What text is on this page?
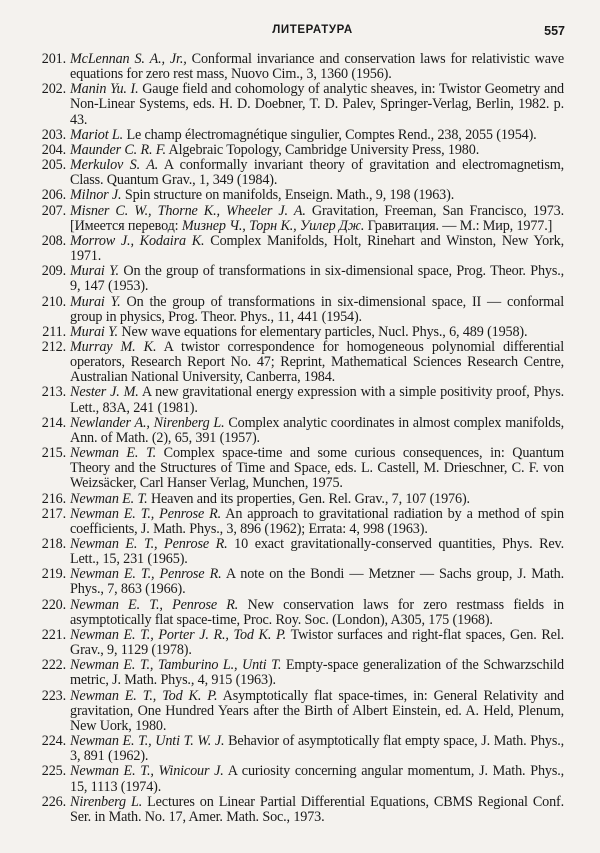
ЛИТЕРАТУРА	557
201. McLennan S. A., Jr., Conformal invariance and conservation laws for relativistic wave equations for zero rest mass, Nuovo Cim., 3, 1360 (1956).
202. Manin Yu. I. Gauge field and cohomology of analytic sheaves, in: Twistor Geometry and Non-Linear Systems, eds. H. D. Doebner, T. D. Palev, Springer-Verlag, Berlin, 1982. p. 43.
203. Mariot L. Le champ électromagnétique singulier, Comptes Rend., 238, 2055 (1954).
204. Maunder C. R. F. Algebraic Topology, Cambridge University Press, 1980.
205. Merkulov S. A. A conformally invariant theory of gravitation and electromagnetism, Class. Quantum Grav., 1, 349 (1984).
206. Milnor J. Spin structure on manifolds, Enseign. Math., 9, 198 (1963).
207. Misner C. W., Thorne K., Wheeler J. A. Gravitation, Freeman, San Francisco, 1973. [Имеется перевод: Мизнер Ч., Торн К., Уилер Дж. Гравитация. — М.: Мир, 1977.]
208. Morrow J., Kodaira K. Complex Manifolds, Holt, Rinehart and Winston, New York, 1971.
209. Murai Y. On the group of transformations in six-dimensional space, Prog. Theor. Phys., 9, 147 (1953).
210. Murai Y. On the group of transformations in six-dimensional space, II — conformal group in physics, Prog. Theor. Phys., 11, 441 (1954).
211. Murai Y. New wave equations for elementary particles, Nucl. Phys., 6, 489 (1958).
212. Murray M. K. A twistor correspondence for homogeneous polynomial differential operators, Research Report No. 47; Reprint, Mathematical Sciences Research Centre, Australian National University, Canberra, 1984.
213. Nester J. M. A new gravitational energy expression with a simple positivity proof, Phys. Lett., 83A, 241 (1981).
214. Newlander A., Nirenberg L. Complex analytic coordinates in almost complex manifolds, Ann. of Math. (2), 65, 391 (1957).
215. Newman E. T. Complex space-time and some curious consequences, in: Quantum Theory and the Structures of Time and Space, eds. L. Castell, M. Drieschner, C. F. von Weizsäcker, Carl Hanser Verlag, Munchen, 1975.
216. Newman E. T. Heaven and its properties, Gen. Rel. Grav., 7, 107 (1976).
217. Newman E. T., Penrose R. An approach to gravitational radiation by a method of spin coefficients, J. Math. Phys., 3, 896 (1962); Errata: 4, 998 (1963).
218. Newman E. T., Penrose R. 10 exact gravitationally-conserved quantities, Phys. Rev. Lett., 15, 231 (1965).
219. Newman E. T., Penrose R. A note on the Bondi — Metzner — Sachs group, J. Math. Phys., 7, 863 (1966).
220. Newman E. T., Penrose R. New conservation laws for zero restmass fields in asymptotically flat space-time, Proc. Roy. Soc. (London), A305, 175 (1968).
221. Newman E. T., Porter J. R., Tod K. P. Twistor surfaces and right-flat spaces, Gen. Rel. Grav., 9, 1129 (1978).
222. Newman E. T., Tamburino L., Unti T. Empty-space generalization of the Schwarzschild metric, J. Math. Phys., 4, 915 (1963).
223. Newman E. T., Tod K. P. Asymptotically flat space-times, in: General Relativity and gravitation, One Hundred Years after the Birth of Albert Einstein, ed. A. Held, Plenum, New Uork, 1980.
224. Newman E. T., Unti T. W. J. Behavior of asymptotically flat empty space, J. Math. Phys., 3, 891 (1962).
225. Newman E. T., Winicour J. A curiosity concerning angular momentum, J. Math. Phys., 15, 1113 (1974).
226. Nirenberg L. Lectures on Linear Partial Differential Equations, CBMS Regional Conf. Ser. in Math. No. 17, Amer. Math. Soc., 1973.
